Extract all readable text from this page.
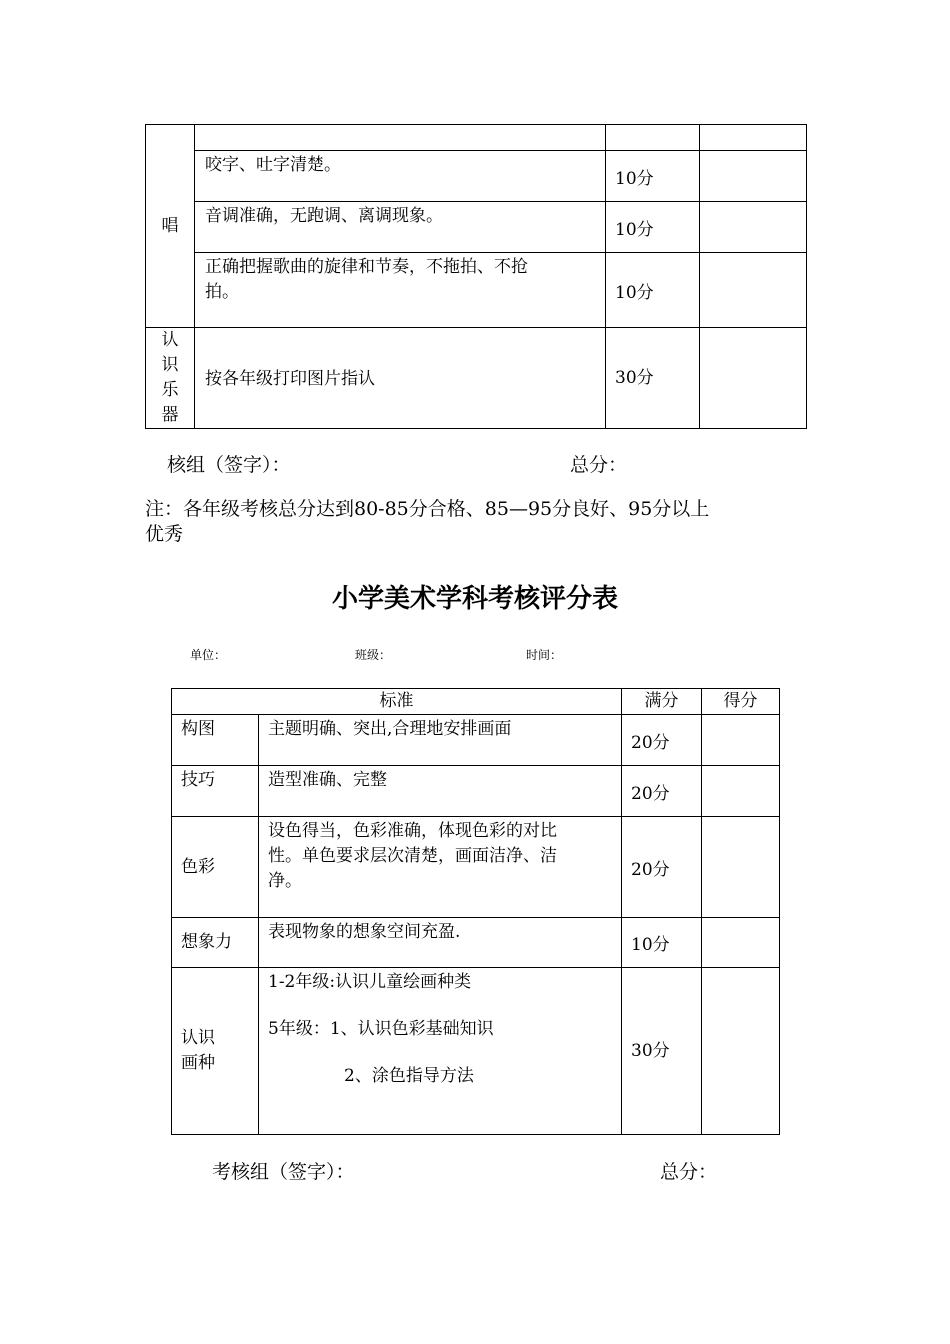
唱			
	咬字、吐字清楚。	10分	
	音调准确，无跑调、离调现象。	10分	

	正确把握歌曲的旋律和节奏，不拖拍、不抢
拍。	10分	

认
识
乐
器	按各年级打印图片指认	30分	
核组（签字）：	总分：
注：各年级考核总分达到80-85分合格、85—95分良好、95分以上
优秀
小学美术学科考核评分表
单位：	班级：	时间：
标准		满分	得分
构图	主题明确、突出,合理地安排画面	20分	
技巧	造型准确、完整	20分	
色彩	设色得当，色彩准确，体现色彩的对比
性。单色要求层次清楚，画面洁净、洁
净。	20分	
想象力	表现物象的想象空间充盈.	10分	

认识
画种	1-2年级:认识儿童绘画种类
5年级：1、认识色彩基础知识
2、涂色指导方法	30分	
考核组（签字）：	总分：
